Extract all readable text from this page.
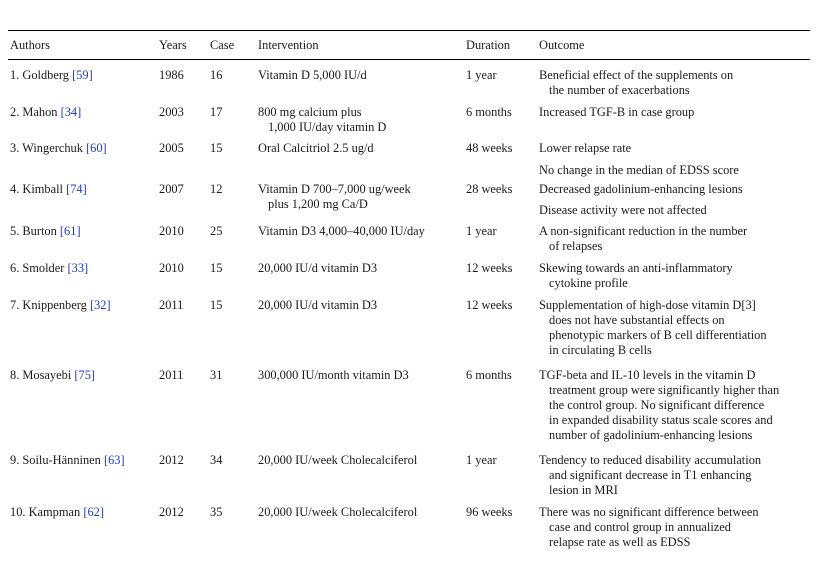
Authors	Years Case Intervention	Duration Outcome
1. Goldberg [59]	1986 16	Vitamin D 5,000 IU/d	1 year	Beneficial effect of the supplements on
the number of exacerbations
2. Mahon [34]	2003 17	800 mg calcium plus
1,000 IU/day vitamin D
6 months Increased TGF-B in case group
3. Wingerchuk [60]	2005 15	Oral Calcitriol 2.5 ug/d	48 weeks Lower relapse rate
No change in the median of EDSS score
4. Kimball [74]	2007 12	Vitamin D 700–7,000 ug/week
plus 1,200 mg Ca/D
28 weeks Decreased gadolinium-enhancing lesions
Disease activity were not affected
5. Burton [61]	2010 25	Vitamin D3 4,000–40,000 IU/day	1 year	A non-significant reduction in the number
of relapses
6. Smolder [33]	2010 15	20,000 IU/d vitamin D3	12 weeks Skewing towards an anti-inflammatory
cytokine profile
7. Knippenberg [32]	2011 15	20,000 IU/d vitamin D3	12 weeks Supplementation of high-dose vitamin D[3]
does not have substantial effects on
phenotypic markers of B cell differentiation
in circulating B cells
8. Mosayebi [75]	2011 31	300,000 IU/month vitamin D3	6 months TGF-beta and IL-10 levels in the vitamin D
treatment group were significantly higher than
the control group. No significant difference
in expanded disability status scale scores and
number of gadolinium-enhancing lesions
9. Soilu-Hänninen [63]	2012 34	20,000 IU/week Cholecalciferol	1 year	Tendency to reduced disability accumulation
and significant decrease in T1 enhancing
lesion in MRI
10. Kampman [62]	2012 35	20,000 IU/week Cholecalciferol	96 weeks There was no significant difference between
case and control group in annualized
relapse rate as well as EDSS
